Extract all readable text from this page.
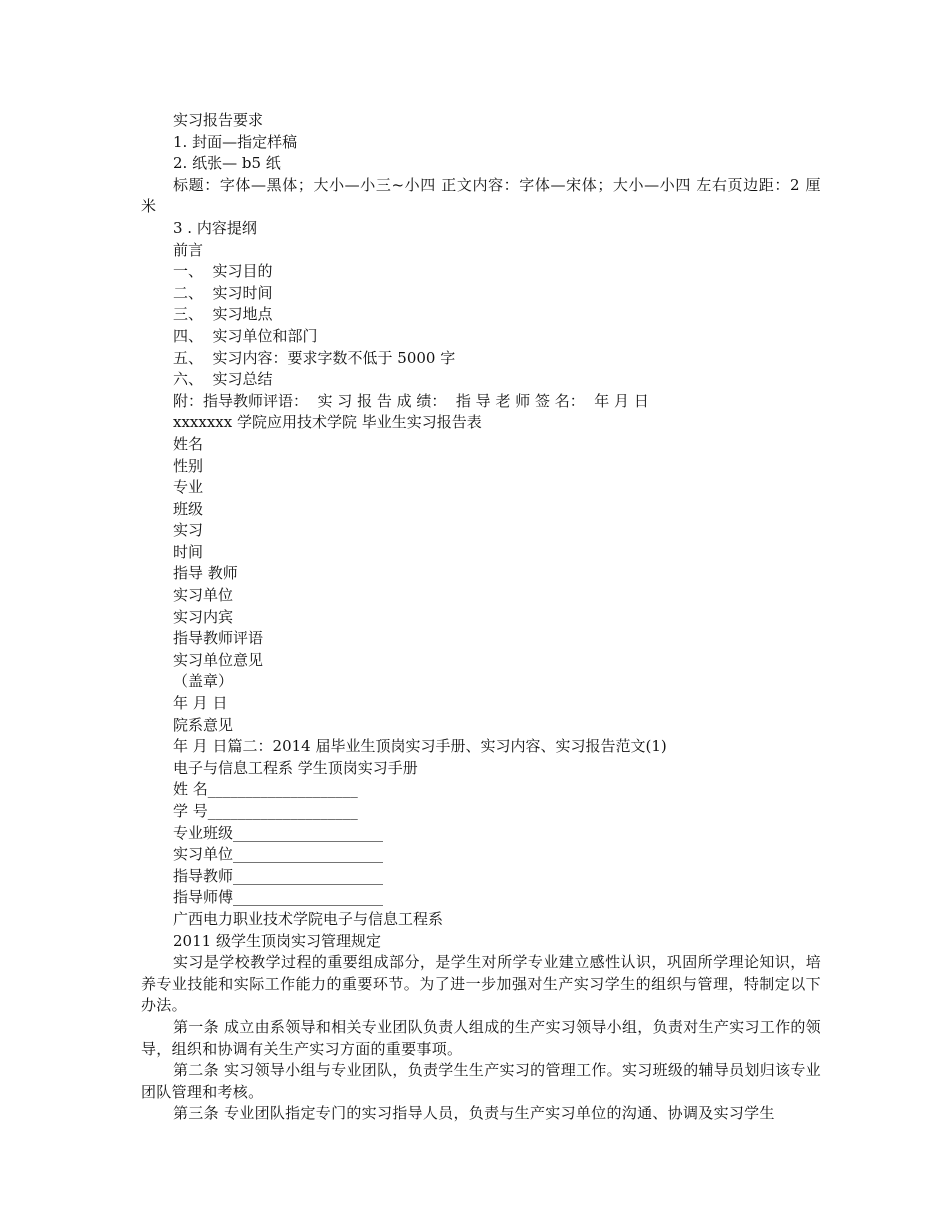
实习报告要求
1. 封面—指定样稿
2. 纸张— b5 纸

标题：字体—黑体；大小—小三~小四 正文内容：字体—宋体；大小—小四 左右页边距：2 厘米

3 . 内容提纲
前言
一、  实习目的
二、  实习时间
三、  实习地点
四、  实习单位和部门
五、  实习内容：要求字数不低于 5000 字
六、  实习总结
附：指导教师评语：  实 习 报 告 成 绩：  指 导 老 师 签 名：  年 月 日
xxxxxxx 学院应用技术学院 毕业生实习报告表
姓名
性别
专业
班级
实习
时间
指导 教师
实习单位
实习内宾
指导教师评语
实习单位意见
（盖章）
年 月 日
院系意见
年 月 日篇二：2014 届毕业生顶岗实习手册、实习内容、实习报告范文(1)
电子与信息工程系 学生顶岗实习手册
姓 名____________________
学 号____________________
专业班级____________________
实习单位____________________
指导教师____________________
指导师傅____________________
广西电力职业技术学院电子与信息工程系
2011 级学生顶岗实习管理规定

实习是学校教学过程的重要组成部分，是学生对所学专业建立感性认识，巩固所学理论知识，培养专业技能和实际工作能力的重要环节。为了进一步加强对生产实习学生的组织与管理，特制定以下办法。

第一条 成立由系领导和相关专业团队负责人组成的生产实习领导小组，负责对生产实习工作的领导，组织和协调有关生产实习方面的重要事项。

第二条 实习领导小组与专业团队，负责学生生产实习的管理工作。实习班级的辅导员划归该专业团队管理和考核。

第三条 专业团队指定专门的实习指导人员，负责与生产实习单位的沟通、协调及实习学生
